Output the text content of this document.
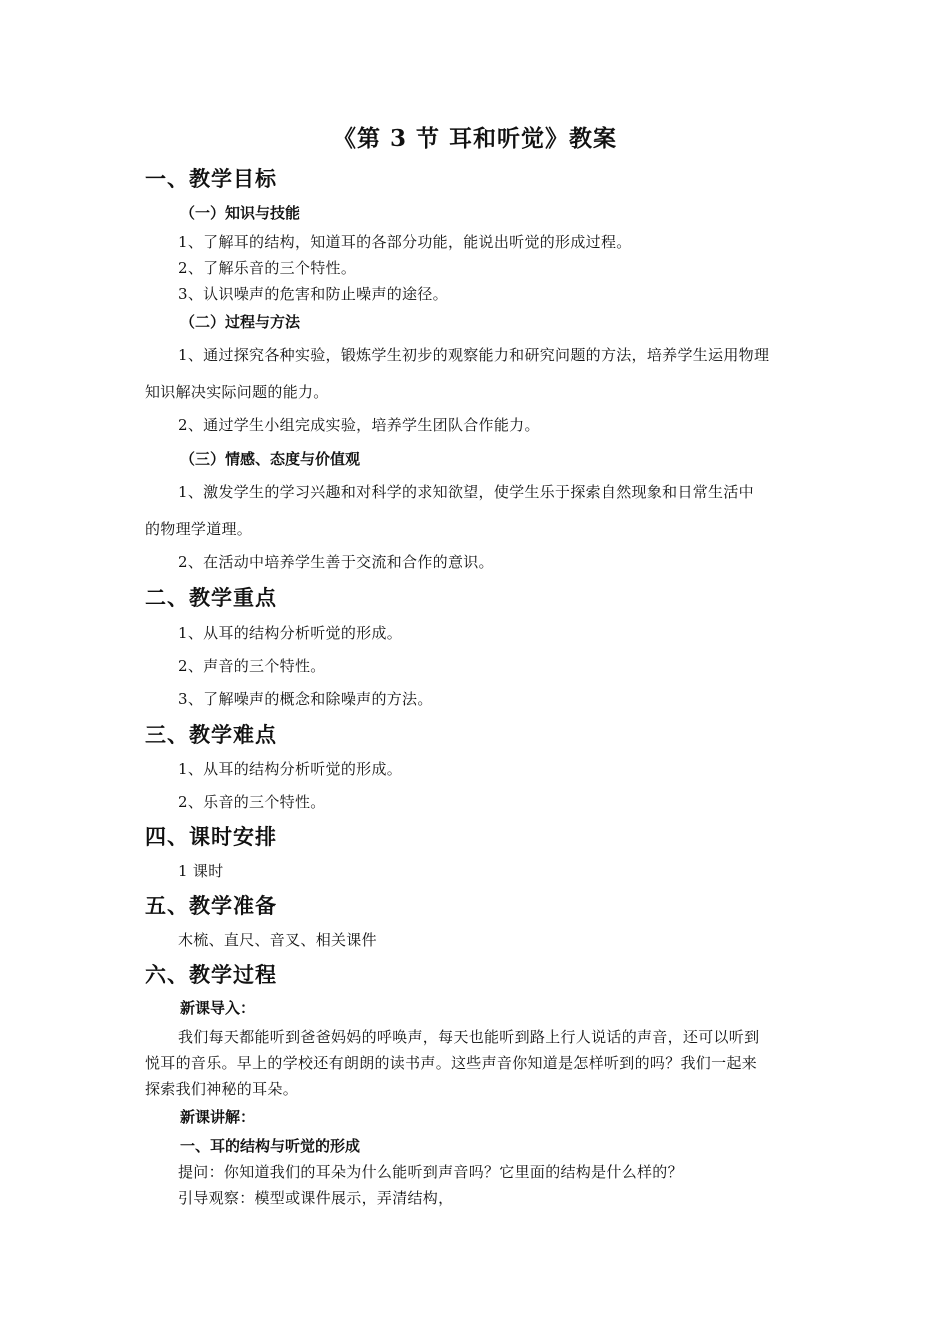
《第 3 节 耳和听觉》教案
一、教学目标
（一）知识与技能
1、了解耳的结构，知道耳的各部分功能，能说出听觉的形成过程。
2、了解乐音的三个特性。
3、认识噪声的危害和防止噪声的途径。
（二）过程与方法
1、通过探究各种实验，锻炼学生初步的观察能力和研究问题的方法，培养学生运用物理
知识解决实际问题的能力。
2、通过学生小组完成实验，培养学生团队合作能力。
（三）情感、态度与价值观
1、激发学生的学习兴趣和对科学的求知欲望，使学生乐于探索自然现象和日常生活中
的物理学道理。
2、在活动中培养学生善于交流和合作的意识。
二、教学重点
1、从耳的结构分析听觉的形成。
2、声音的三个特性。
3、了解噪声的概念和除噪声的方法。
三、教学难点
1、从耳的结构分析听觉的形成。
2、乐音的三个特性。
四、课时安排
1 课时
五、教学准备
木梳、直尺、音叉、相关课件
六、教学过程
新课导入：
我们每天都能听到爸爸妈妈的呼唤声，每天也能听到路上行人说话的声音，还可以听到
悦耳的音乐。早上的学校还有朗朗的读书声。这些声音你知道是怎样听到的吗？我们一起来
探索我们神秘的耳朵。
新课讲解：
一、耳的结构与听觉的形成
提问：你知道我们的耳朵为什么能听到声音吗？它里面的结构是什么样的？
引导观察：模型或课件展示，弄清结构，
